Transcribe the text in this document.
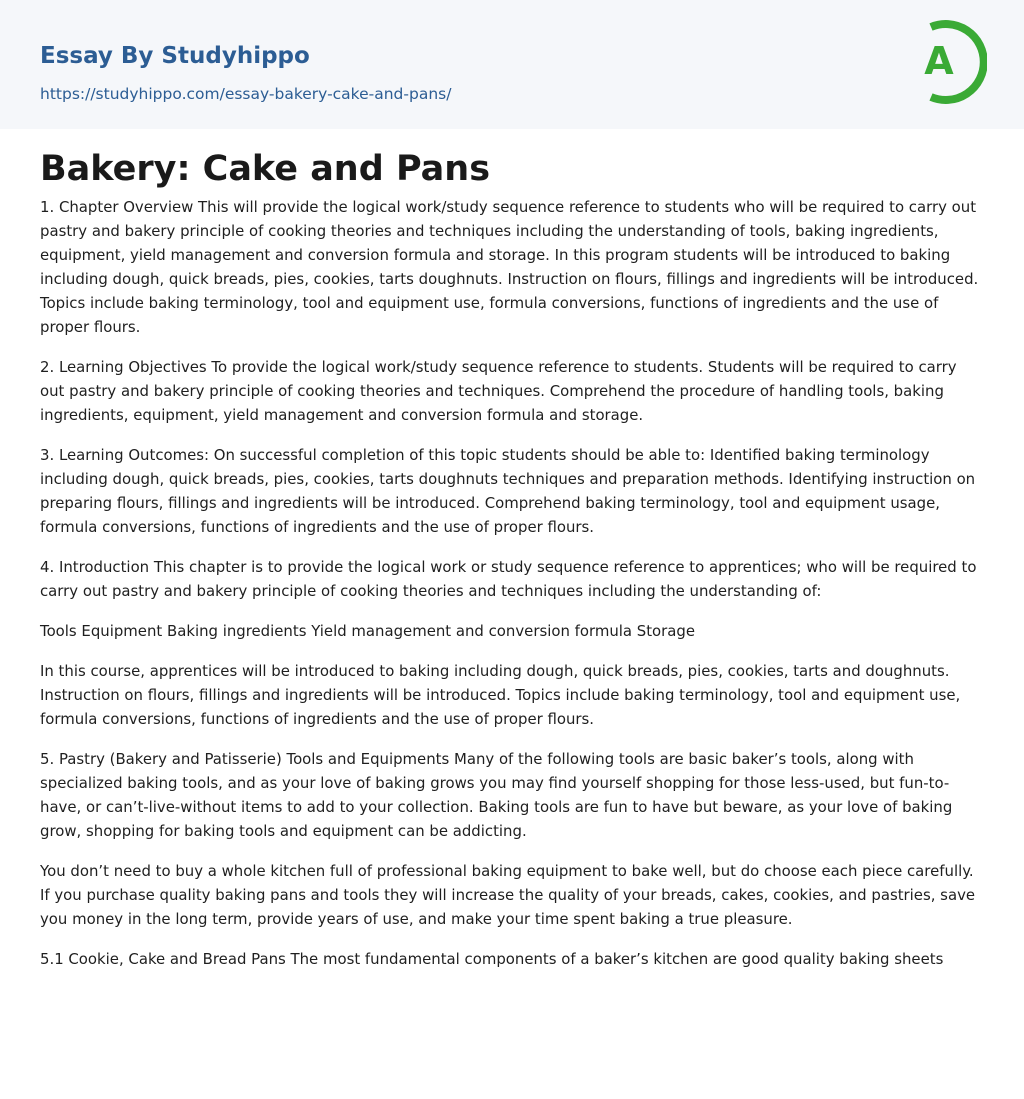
Essay By Studyhippo
https://studyhippo.com/essay-bakery-cake-and-pans/
A
Bakery: Cake and Pans

1. Chapter Overview This will provide the logical work/study sequence reference to students who will be required to carry out pastry and bakery principle of cooking theories and techniques including the understanding of tools, baking ingredients, equipment, yield management and conversion formula and storage. In this program students will be introduced to baking including dough, quick breads, pies, cookies, tarts doughnuts. Instruction on flours, fillings and ingredients will be introduced. Topics include baking terminology, tool and equipment use, formula conversions, functions of ingredients and the use of proper flours.

2. Learning Objectives To provide the logical work/study sequence reference to students. Students will be required to carry out pastry and bakery principle of cooking theories and techniques. Comprehend the procedure of handling tools, baking ingredients, equipment, yield management and conversion formula and storage.

3. Learning Outcomes: On successful completion of this topic students should be able to: Identified baking terminology including dough, quick breads, pies, cookies, tarts doughnuts techniques and preparation methods. Identifying instruction on preparing flours, fillings and ingredients will be introduced. Comprehend baking terminology, tool and equipment usage, formula conversions, functions of ingredients and the use of proper flours.

4. Introduction This chapter is to provide the logical work or study sequence reference to apprentices; who will be required to carry out pastry and bakery principle of cooking theories and techniques including the understanding of:

Tools Equipment Baking ingredients Yield management and conversion formula Storage

In this course, apprentices will be introduced to baking including dough, quick breads, pies, cookies, tarts and doughnuts. Instruction on flours, fillings and ingredients will be introduced. Topics include baking terminology, tool and equipment use, formula conversions, functions of ingredients and the use of proper flours.

5. Pastry (Bakery and Patisserie) Tools and Equipments Many of the following tools are basic baker’s tools, along with specialized baking tools, and as your love of baking grows you may find yourself shopping for those less-used, but fun-to-have, or can’t-live-without items to add to your collection. Baking tools are fun to have but beware, as your love of baking grow, shopping for baking tools and equipment can be addicting.

You don’t need to buy a whole kitchen full of professional baking equipment to bake well, but do choose each piece carefully. If you purchase quality baking pans and tools they will increase the quality of your breads, cakes, cookies, and pastries, save you money in the long term, provide years of use, and make your time spent baking a true pleasure.

5.1 Cookie, Cake and Bread Pans The most fundamental components of a baker’s kitchen are good quality baking sheets
